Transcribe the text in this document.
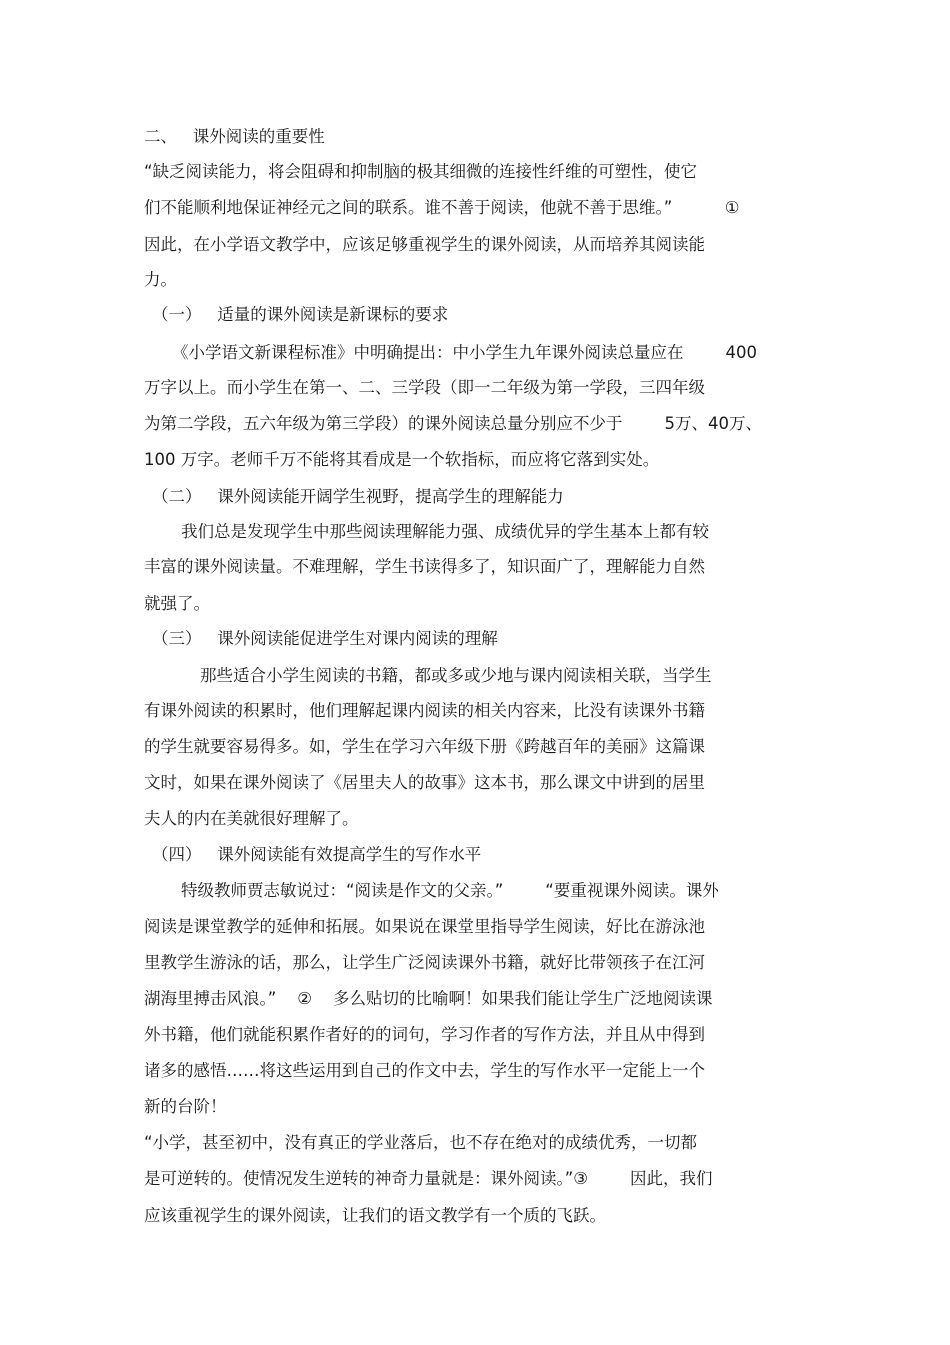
二、   课外阅读的重要性
“缺乏阅读能力，将会阻碍和抑制脑的极其细微的连接性纤维的可塑性，使它
们不能顺利地保证神经元之间的联系。谁不善于阅读，他就不善于思维。”          ①
因此，在小学语文教学中，应该足够重视学生的课外阅读，从而培养其阅读能
力。
（一）   适量的课外阅读是新课标的要求
《小学语文新课程标准》中明确提出：中小学生九年课外阅读总量应在        400
万字以上。而小学生在第一、二、三学段（即一二年级为第一学段，三四年级
为第二学段，五六年级为第三学段）的课外阅读总量分别应不少于        5万、40万、
100 万字。老师千万不能将其看成是一个软指标，而应将它落到实处。
（二）   课外阅读能开阔学生视野，提高学生的理解能力
我们总是发现学生中那些阅读理解能力强、成绩优异的学生基本上都有较
丰富的课外阅读量。不难理解，学生书读得多了，知识面广了，理解能力自然
就强了。
（三）   课外阅读能促进学生对课内阅读的理解
那些适合小学生阅读的书籍，都或多或少地与课内阅读相关联，当学生
有课外阅读的积累时，他们理解起课内阅读的相关内容来，比没有读课外书籍
的学生就要容易得多。如，学生在学习六年级下册《跨越百年的美丽》这篇课
文时，如果在课外阅读了《居里夫人的故事》这本书，那么课文中讲到的居里
夫人的内在美就很好理解了。
（四）   课外阅读能有效提高学生的写作水平
特级教师贾志敏说过：“阅读是作文的父亲。”        “要重视课外阅读。课外
阅读是课堂教学的延伸和拓展。如果说在课堂里指导学生阅读，好比在游泳池
里教学生游泳的话，那么，让学生广泛阅读课外书籍，就好比带领孩子在江河
湖海里搏击风浪。”    ②    多么贴切的比喻啊！如果我们能让学生广泛地阅读课
外书籍，他们就能积累作者好的的词句，学习作者的写作方法，并且从中得到
诸多的感悟……将这些运用到自己的作文中去，学生的写作水平一定能上一个
新的台阶！
“小学，甚至初中，没有真正的学业落后，也不存在绝对的成绩优秀，一切都
是可逆转的。使情况发生逆转的神奇力量就是：课外阅读。”③        因此，我们
应该重视学生的课外阅读，让我们的语文教学有一个质的飞跃。
